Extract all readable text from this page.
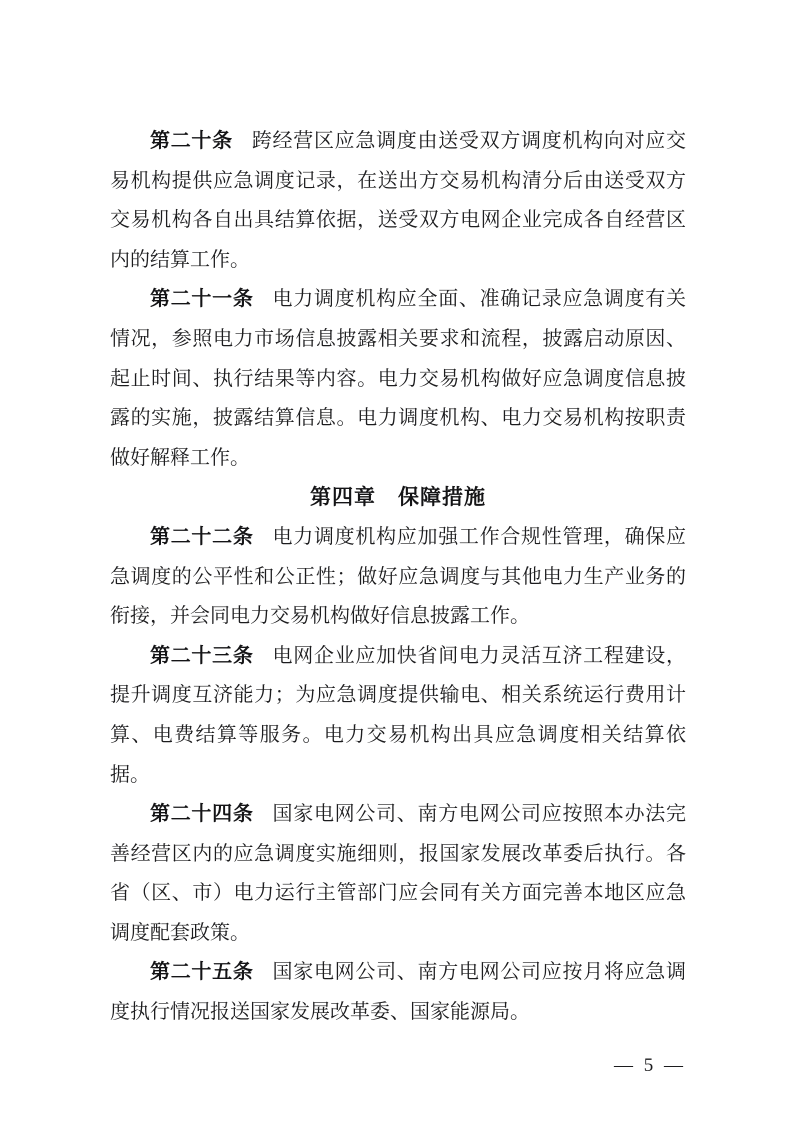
第二十条 跨经营区应急调度由送受双方调度机构向对应交易机构提供应急调度记录，在送出方交易机构清分后由送受双方交易机构各自出具结算依据，送受双方电网企业完成各自经营区内的结算工作。

第二十一条 电力调度机构应全面、准确记录应急调度有关情况，参照电力市场信息披露相关要求和流程，披露启动原因、起止时间、执行结果等内容。电力交易机构做好应急调度信息披露的实施，披露结算信息。电力调度机构、电力交易机构按职责做好解释工作。

第四章　保障措施

第二十二条 电力调度机构应加强工作合规性管理，确保应急调度的公平性和公正性；做好应急调度与其他电力生产业务的衔接，并会同电力交易机构做好信息披露工作。

第二十三条 电网企业应加快省间电力灵活互济工程建设，提升调度互济能力；为应急调度提供输电、相关系统运行费用计算、电费结算等服务。电力交易机构出具应急调度相关结算依据。

第二十四条 国家电网公司、南方电网公司应按照本办法完善经营区内的应急调度实施细则，报国家发展改革委后执行。各省（区、市）电力运行主管部门应会同有关方面完善本地区应急调度配套政策。

第二十五条 国家电网公司、南方电网公司应按月将应急调度执行情况报送国家发展改革委、国家能源局。

— 5 —
